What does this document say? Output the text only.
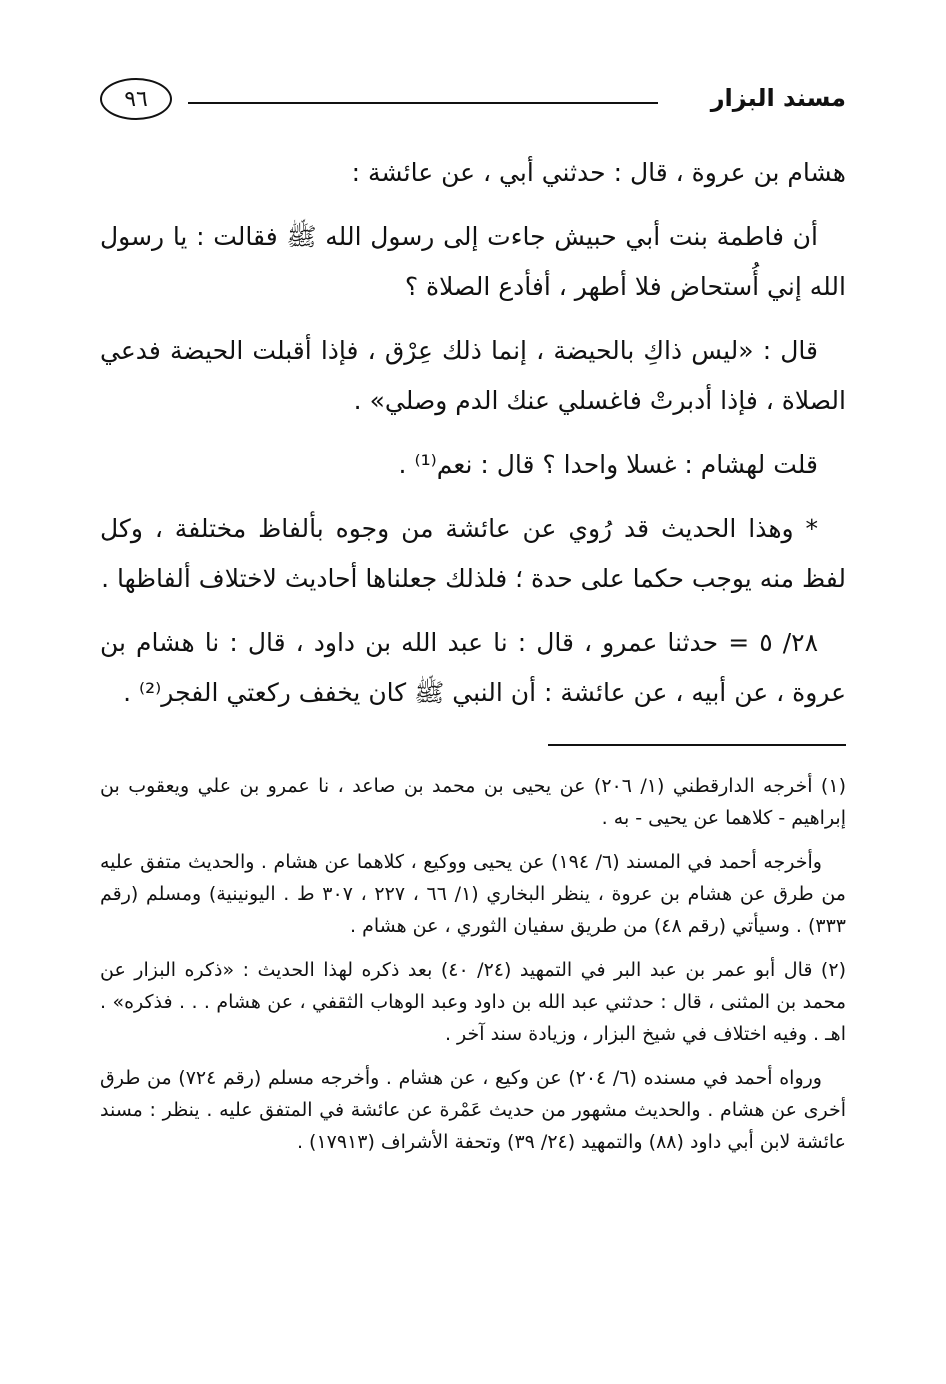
٩٦	مسند البزار

هشام بن عروة ، قال : حدثني أبي ، عن عائشة :

أن فاطمة بنت أبي حبيش جاءت إلى رسول الله ﷺ فقالت : يا رسول الله إني أُستحاض فلا أطهر ، أفأدع الصلاة ؟

قال : «ليس ذاكِ بالحيضة ، إنما ذلك عِرْق ، فإذا أقبلت الحيضة فدعي الصلاة ، فإذا أدبرتْ فاغسلي عنك الدم وصلي» .

قلت لهشام : غسلا واحدا ؟ قال : نعم⁽¹⁾ .

* وهذا الحديث قد رُوي عن عائشة من وجوه بألفاظ مختلفة ، وكل لفظ منه يوجب حكما على حدة ؛ فلذلك جعلناها أحاديث لاختلاف ألفاظها .

٢٨/ ٥ = حدثنا عمرو ، قال : نا عبد الله بن داود ، قال : نا هشام بن عروة ، عن أبيه ، عن عائشة : أن النبي ﷺ كان يخفف ركعتي الفجر⁽²⁾ .

(١) أخرجه الدارقطني (١/ ٢٠٦) عن يحيى بن محمد بن صاعد ، نا عمرو بن علي ويعقوب بن إبراهيم - كلاهما عن يحيى - به .

وأخرجه أحمد في المسند (٦/ ١٩٤) عن يحيى ووكيع ، كلاهما عن هشام . والحديث متفق عليه من طرق عن هشام بن عروة ، ينظر البخاري (١/ ٦٦ ، ٢٢٧ ، ٣٠٧ ط . اليونينية) ومسلم (رقم ٣٣٣) . وسيأتي (رقم ٤٨) من طريق سفيان الثوري ، عن هشام .

(٢) قال أبو عمر بن عبد البر في التمهيد (٢٤/ ٤٠) بعد ذكره لهذا الحديث : «ذكره البزار عن محمد بن المثنى ، قال : حدثني عبد الله بن داود وعبد الوهاب الثقفي ، عن هشام . . . فذكره» . اهـ . وفيه اختلاف في شيخ البزار ، وزيادة سند آخر .

ورواه أحمد في مسنده (٦/ ٢٠٤) عن وكيع ، عن هشام . وأخرجه مسلم (رقم ٧٢٤) من طرق أخرى عن هشام . والحديث مشهور من حديث عَمْرة عن عائشة في المتفق عليه . ينظر : مسند عائشة لابن أبي داود (٨٨) والتمهيد (٢٤/ ٣٩) وتحفة الأشراف (١٧٩١٣) .
